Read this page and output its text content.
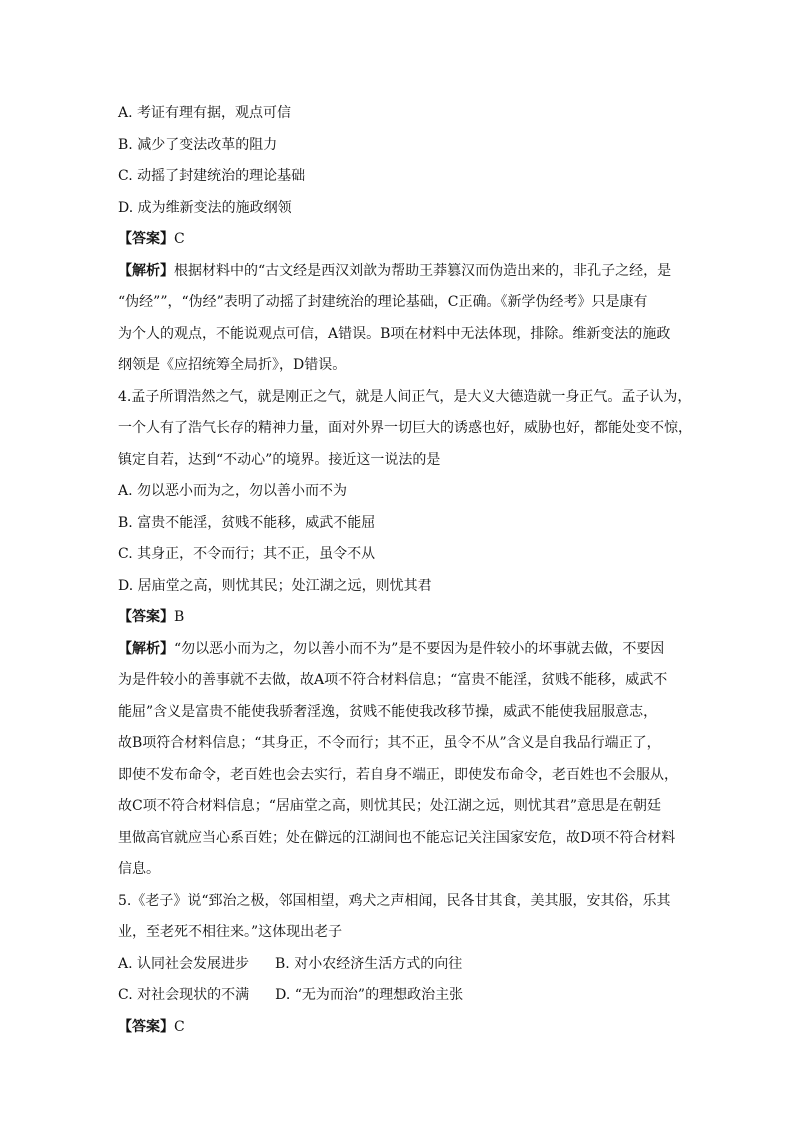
A. 考证有理有据，观点可信
B. 减少了变法改革的阻力
C. 动摇了封建统治的理论基础
D. 成为维新变法的施政纲领
【答案】C
【解析】根据材料中的“古文经是西汉刘歆为帮助王莽篡汉而伪造出来的，非孔子之经，是
“伪经””，“伪经”表明了动摇了封建统治的理论基础，C正确。《新学伪经考》只是康有
为个人的观点，不能说观点可信，A错误。B项在材料中无法体现，排除。维新变法的施政
纲领是《应招统筹全局折》，D错误。
4.孟子所谓浩然之气，就是刚正之气，就是人间正气，是大义大德造就一身正气。孟子认为，
一个人有了浩气长存的精神力量，面对外界一切巨大的诱惑也好，威胁也好，都能处变不惊，
镇定自若，达到“不动心”的境界。接近这一说法的是
A. 勿以恶小而为之，勿以善小而不为
B. 富贵不能淫，贫贱不能移，威武不能屈
C. 其身正，不令而行；其不正，虽令不从
D. 居庙堂之高，则忧其民；处江湖之远，则忧其君
【答案】B
【解析】“勿以恶小而为之，勿以善小而不为”是不要因为是件较小的坏事就去做，不要因
为是件较小的善事就不去做，故A项不符合材料信息；“富贵不能淫，贫贱不能移，威武不
能屈”含义是富贵不能使我骄奢淫逸，贫贱不能使我改移节操，威武不能使我屈服意志，
故B项符合材料信息；“其身正，不令而行；其不正，虽令不从”含义是自我品行端正了，
即使不发布命令，老百姓也会去实行，若自身不端正，即使发布命令，老百姓也不会服从，
故C项不符合材料信息；“居庙堂之高，则忧其民；处江湖之远，则忧其君”意思是在朝廷
里做高官就应当心系百姓；处在僻远的江湖间也不能忘记关注国家安危，故D项不符合材料
信息。
5.《老子》说“郅治之极，邻国相望，鸡犬之声相闻，民各甘其食，美其服，安其俗，乐其
业，至老死不相往来。”这体现出老子
A. 认同社会发展进步 B. 对小农经济生活方式的向往
C. 对社会现状的不满 D. “无为而治”的理想政治主张
【答案】C
